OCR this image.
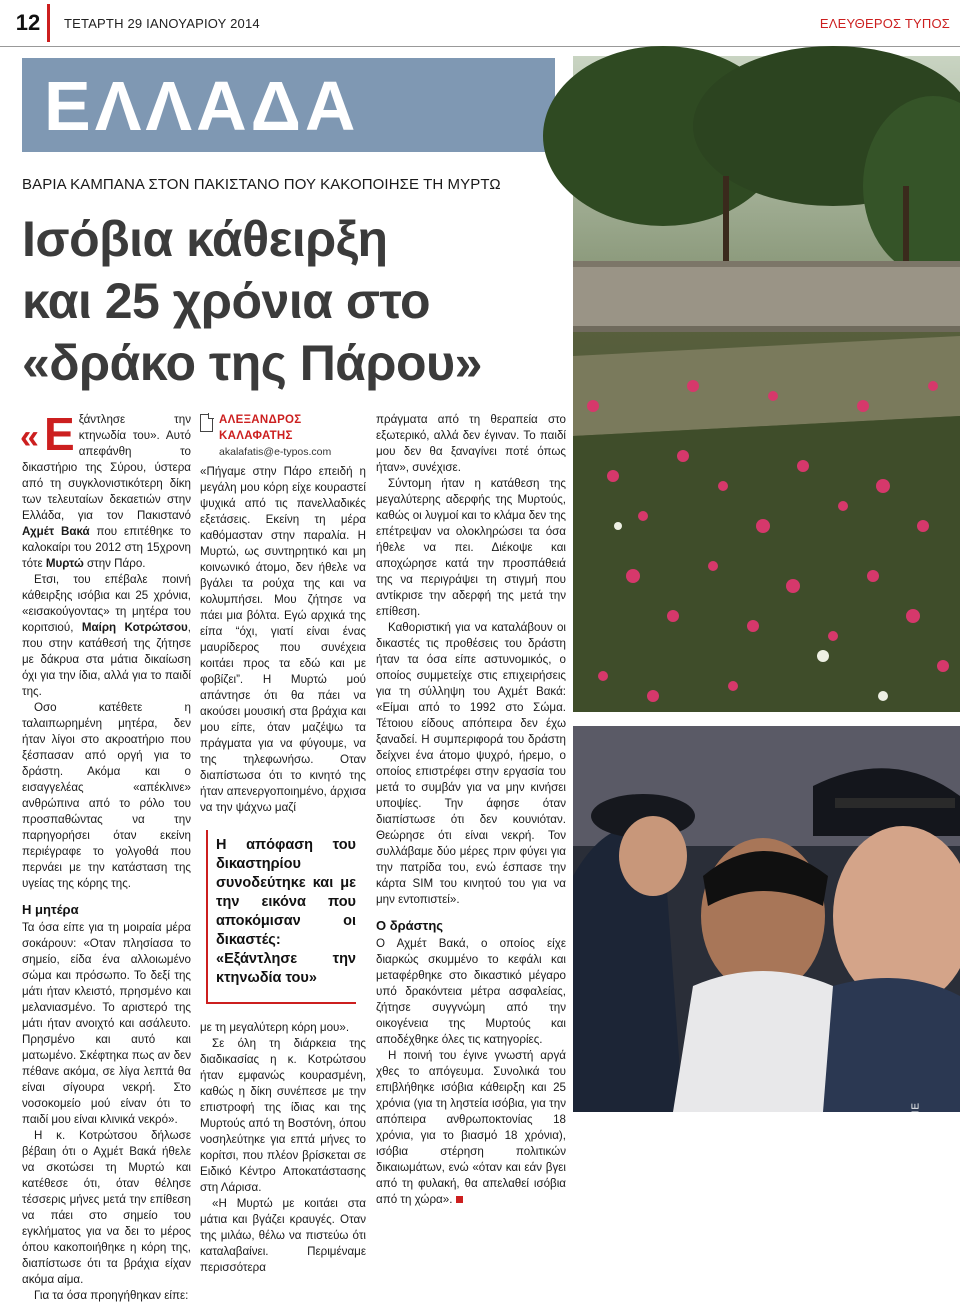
12	ΤΕΤΑΡΤΗ 29 ΙΑΝΟΥΑΡΙΟΥ 2014	ΕΛΕΥΘΕΡΟΣ ΤΥΠΟΣ
ΕΛΛΑΔΑ
ΒΑΡΙΑ ΚΑΜΠΑΝΑ ΣΤΟΝ ΠΑΚΙΣΤΑΝΟ ΠΟΥ ΚΑΚΟΠΟΙΗΣΕ ΤΗ ΜΥΡΤΩ
Ισόβια κάθειρξη
και 25 χρόνια στο
«δράκο της Πάρου»
« Ε ξάντλησε την κτηνωδία του». Αυτό απεφάνθη το δικαστήριο της Σύρου, ύστερα από τη συγκλονιστικότερη δίκη των τελευταίων δεκαετιών στην Ελλάδα, για τον Πακιστανό Αχμέτ Βακά που επιτέθηκε το καλοκαίρι του 2012 στη 15χρονη τότε Μυρτώ στην Πάρο.

Ετσι, του επέβαλε ποινή κάθειρξης ισόβια και 25 χρόνια, «εισακούγοντας» τη μητέρα του κοριτσιού, Μαίρη Κοτρώτσου, που στην κατάθεσή της ζήτησε με δάκρυα στα μάτια δικαίωση όχι για την ίδια, αλλά για το παιδί της.

Οσο κατέθετε η ταλαιπωρημένη μητέρα, δεν ήταν λίγοι στο ακροατήριο που ξέσπασαν από οργή για το δράστη. Ακόμα και ο εισαγγελέας «απέκλινε» ανθρώπινα από το ρόλο του προσπαθώντας να την παρηγορήσει όταν εκείνη περιέγραφε το γολγοθά που περνάει με την κατάσταση της υγείας της κόρης της.

Η μητέρα

Τα όσα είπε για τη μοιραία μέρα σοκάρουν: «Οταν πλησίασα το σημείο, είδα ένα αλλοιωμένο σώμα και πρόσωπο. Το δεξί της μάτι ήταν κλειστό, πρησμένο και μελανιασμένο. Το αριστερό της μάτι ήταν ανοιχτό και ασάλευτο. Πρησμένο και αυτό και ματωμένο. Σκέφτηκα πως αν δεν πέθανε ακόμα, σε λίγα λεπτά θα είναι σίγουρα νεκρή. Στο νοσοκομείο μού είναν ότι το παιδί μου είναι κλινικά νεκρό».

Η κ. Κοτρώτσου δήλωσε βέβαιη ότι ο Αχμέτ Βακά ήθελε να σκοτώσει τη Μυρτώ και κατέθεσε ότι, όταν θέλησε τέσσερις μήνες μετά την επίθεση να πάει στο σημείο του εγκλήματος για να δει το μέρος όπου κακοποιήθηκε η κόρη της, διαπίστωσε ότι τα βράχια είχαν ακόμα αίμα.

Για τα όσα προηγήθηκαν είπε:

ΑΛΕΞΑΝΔΡΟΣ ΚΑΛΑΦΑΤΗΣ
akalafatis@e-typos.com

«Πήγαμε στην Πάρο επειδή η μεγάλη μου κόρη είχε κουραστεί ψυχικά από τις πανελλαδικές εξετάσεις. Εκείνη τη μέρα καθόμασταν στην παραλία. Η Μυρτώ, ως συντηρητικό και μη κοινωνικό άτομο, δεν ήθελε να βγάλει τα ρούχα της και να κολυμπήσει. Μου ζήτησε να πάει μια βόλτα. Εγώ αρχικά της είπα “όχι, γιατί είναι ένας μαυρίδερος που συνέχεια κοιτάει προς τα εδώ και με φοβίζει”. Η Μυρτώ μού απάντησε ότι θα πάει να ακούσει μουσική στα βράχια και μου είπε, όταν μαζέψω τα πράγματα για να φύγουμε, να της τηλεφωνήσω. Οταν διαπίστωσα ότι το κινητό της ήταν απενεργοποιημένο, άρχισα να την ψάχνω μαζί

Η απόφαση του δικαστηρίου συνοδεύτηκε και με την εικόνα που αποκόμισαν οι δικαστές: «Εξάντλησε την κτηνωδία του»

με τη μεγαλύτερη κόρη μου».

Σε όλη τη διάρκεια της διαδικασίας η κ. Κοτρώτσου ήταν εμφανώς κουρασμένη, καθώς η δίκη συνέπεσε με την επιστροφή της ίδιας και της Μυρτούς από τη Βοστόνη, όπου νοσηλεύτηκε για επτά μήνες το κορίτσι, που πλέον βρίσκεται σε Ειδικό Κέντρο Αποκατάστασης στη Λάρισα.

«Η Μυρτώ με κοιτάει στα μάτια και βγάζει κραυγές. Οταν της μιλάω, θέλω να πιστεύω ότι καταλαβαίνει. Περιμέναμε περισσότερα

πράγματα από τη θεραπεία στο εξωτερικό, αλλά δεν έγιναν. Το παιδί μου δεν θα ξαναγίνει ποτέ όπως ήταν», συνέχισε.

Σύντομη ήταν η κατάθεση της μεγαλύτερης αδερφής της Μυρτούς, καθώς οι λυγμοί και το κλάμα δεν της επέτρεψαν να ολοκληρώσει τα όσα ήθελε να πει. Διέκοψε και αποχώρησε κατά την προσπάθειά της να περιγράψει τη στιγμή που αντίκρισε την αδερφή της μετά την επίθεση.

Καθοριστική για να καταλάβουν οι δικαστές τις προθέσεις του δράστη ήταν τα όσα είπε αστυνομικός, ο οποίος συμμετείχε στις επιχειρήσεις για τη σύλληψη του Αχμέτ Βακά: «Είμαι από το 1992 στο Σώμα. Τέτοιου είδους απόπειρα δεν έχω ξαναδεί. Η συμπεριφορά του δράστη δείχνει ένα άτομο ψυχρό, ήρεμο, ο οποίος επιστρέφει στην εργασία του μετά το συμβάν για να μην κινήσει υποψίες. Την άφησε όταν διαπίστωσε ότι δεν κουνιόταν. Θεώρησε ότι είναι νεκρή. Τον συλλάβαμε δύο μέρες πριν φύγει για την πατρίδα του, ενώ έσπασε την κάρτα SIM του κινητού του για να μην εντοπιστεί».

Ο δράστης

Ο Αχμέτ Βακά, ο οποίος είχε διαρκώς σκυμμένο το κεφάλι και μεταφέρθηκε στο δικαστικό μέγαρο υπό δρακόντεια μέτρα ασφαλείας, ζήτησε συγγνώμη από την οικογένεια της Μυρτούς και αποδέχθηκε όλες τις κατηγορίες.

Η ποινή του έγινε γνωστή αργά χθες το απόγευμα. Συνολικά του επιβλήθηκε ισόβια κάθειρξη και 25 χρόνια (για τη ληστεία ισόβια, για την απόπειρα ανθρωποκτονίας 18 χρόνια, για το βιασμό 18 χρόνια), ισόβια στέρηση πολιτικών δικαιωμάτων, ενώ «όταν και εάν βγει από τη φυλακή, θα απελαθεί ισόβια από τη χώρα».

ΑΠΕ
